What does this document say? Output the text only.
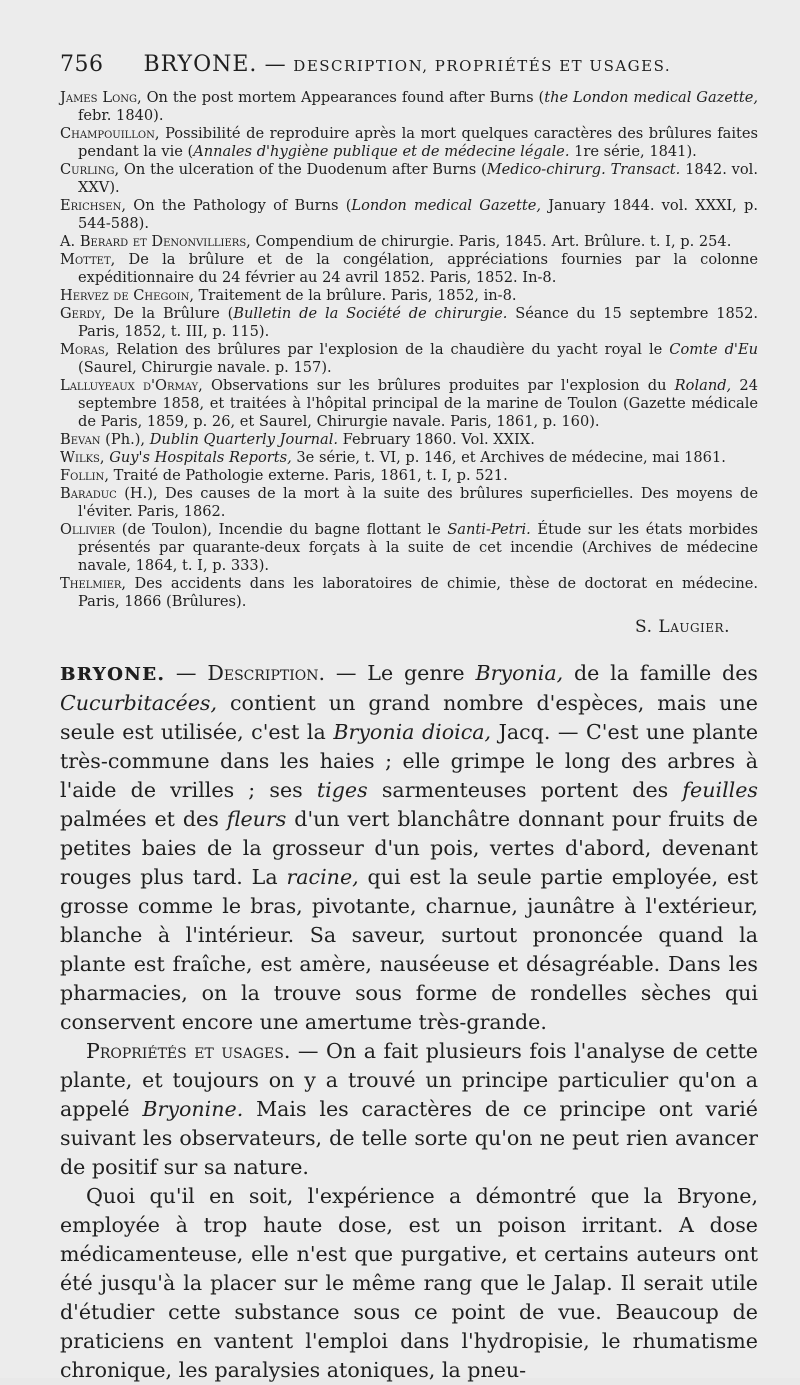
756 BRYONE. — DESCRIPTION, PROPRIÉTÉS ET USAGES.

James Long, On the post mortem Appearances found after Burns (the London medical Gazette, febr. 1840).

Champouillon, Possibilité de reproduire après la mort quelques caractères des brûlures faites pendant la vie (Annales d'hygiène publique et de médecine légale. 1re série, 1841).

Curling, On the ulceration of the Duodenum after Burns (Medico-chirurg. Transact. 1842. vol. XXV).

Erichsen, On the Pathology of Burns (London medical Gazette, January 1844. vol. XXXI, p. 544-588).

A. Berard et Denonvilliers, Compendium de chirurgie. Paris, 1845. Art. Brûlure. t. I, p. 254.

Mottet, De la brûlure et de la congélation, appréciations fournies par la colonne expéditionnaire du 24 février au 24 avril 1852. Paris, 1852. In-8.

Hervez de Chegoin, Traitement de la brûlure. Paris, 1852, in-8.

Gerdy, De la Brûlure (Bulletin de la Société de chirurgie. Séance du 15 septembre 1852. Paris, 1852, t. III, p. 115).

Moras, Relation des brûlures par l'explosion de la chaudière du yacht royal le Comte d'Eu (Saurel, Chirurgie navale. p. 157).

Lalluyeaux d'Ormay, Observations sur les brûlures produites par l'explosion du Roland, 24 septembre 1858, et traitées à l'hôpital principal de la marine de Toulon (Gazette médicale de Paris, 1859, p. 26, et Saurel, Chirurgie navale. Paris, 1861, p. 160).

Bevan (Ph.), Dublin Quarterly Journal. February 1860. Vol. XXIX.

Wilks, Guy's Hospitals Reports, 3e série, t. VI, p. 146, et Archives de médecine, mai 1861.

Follin, Traité de Pathologie externe. Paris, 1861, t. I, p. 521.

Baraduc (H.), Des causes de la mort à la suite des brûlures superficielles. Des moyens de l'éviter. Paris, 1862.

Ollivier (de Toulon), Incendie du bagne flottant le Santi-Petri. Étude sur les états morbides présentés par quarante-deux forçats à la suite de cet incendie (Archives de médecine navale, 1864, t. I, p. 333).

Thelmier, Des accidents dans les laboratoires de chimie, thèse de doctorat en médecine. Paris, 1866 (Brûlures).

S. Laugier.

BRYONE. — Description. — Le genre Bryonia, de la famille des Cucurbitacées, contient un grand nombre d'espèces, mais une seule est utilisée, c'est la Bryonia dioica, Jacq. — C'est une plante très-commune dans les haies ; elle grimpe le long des arbres à l'aide de vrilles ; ses tiges sarmenteuses portent des feuilles palmées et des fleurs d'un vert blanchâtre donnant pour fruits de petites baies de la grosseur d'un pois, vertes d'abord, devenant rouges plus tard. La racine, qui est la seule partie employée, est grosse comme le bras, pivotante, charnue, jaunâtre à l'extérieur, blanche à l'intérieur. Sa saveur, surtout prononcée quand la plante est fraîche, est amère, nauséeuse et désagréable. Dans les pharmacies, on la trouve sous forme de rondelles sèches qui conservent encore une amertume très-grande.

Propriétés et usages. — On a fait plusieurs fois l'analyse de cette plante, et toujours on y a trouvé un principe particulier qu'on a appelé Bryonine. Mais les caractères de ce principe ont varié suivant les observateurs, de telle sorte qu'on ne peut rien avancer de positif sur sa nature.

Quoi qu'il en soit, l'expérience a démontré que la Bryone, employée à trop haute dose, est un poison irritant. A dose médicamenteuse, elle n'est que purgative, et certains auteurs ont été jusqu'à la placer sur le même rang que le Jalap. Il serait utile d'étudier cette substance sous ce point de vue. Beaucoup de praticiens en vantent l'emploi dans l'hydropisie, le rhumatisme chronique, les paralysies atoniques, la pneu-
